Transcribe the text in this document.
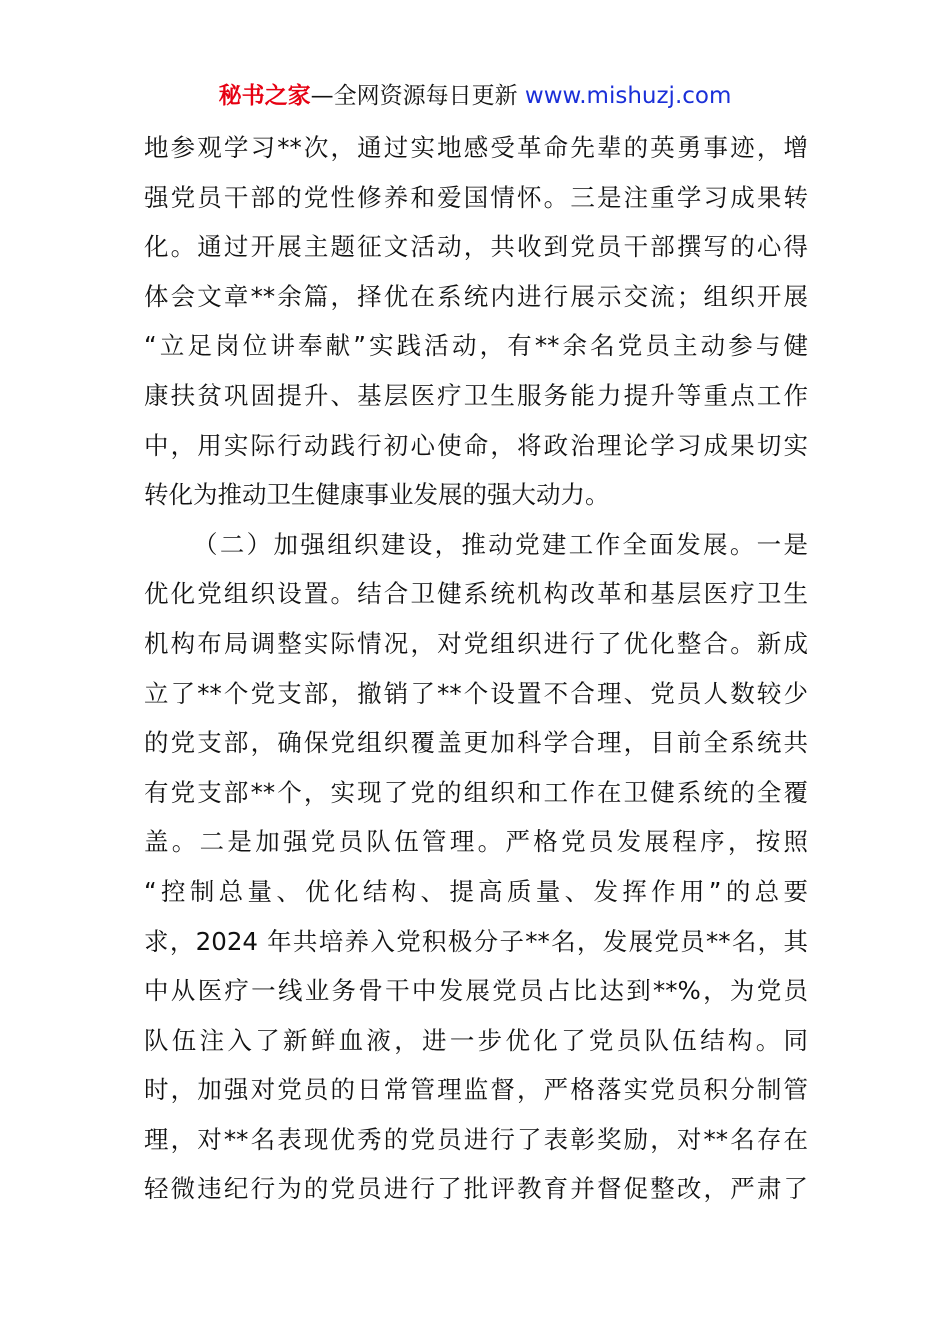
秘书之家—全网资源每日更新 www.mishuzj.com
地参观学习**次，通过实地感受革命先辈的英勇事迹，增
强党员干部的党性修养和爱国情怀。三是注重学习成果转
化。通过开展主题征文活动，共收到党员干部撰写的心得
体会文章**余篇，择优在系统内进行展示交流；组织开展
“立足岗位讲奉献”实践活动，有**余名党员主动参与健
康扶贫巩固提升、基层医疗卫生服务能力提升等重点工作
中，用实际行动践行初心使命，将政治理论学习成果切实
转化为推动卫生健康事业发展的强大动力。
（二）加强组织建设，推动党建工作全面发展。一是
优化党组织设置。结合卫健系统机构改革和基层医疗卫生
机构布局调整实际情况，对党组织进行了优化整合。新成
立了**个党支部，撤销了**个设置不合理、党员人数较少
的党支部，确保党组织覆盖更加科学合理，目前全系统共
有党支部**个，实现了党的组织和工作在卫健系统的全覆
盖。二是加强党员队伍管理。严格党员发展程序，按照
“控制总量、优化结构、提高质量、发挥作用”的总要
求，2024 年共培养入党积极分子**名，发展党员**名，其
中从医疗一线业务骨干中发展党员占比达到**%，为党员
队伍注入了新鲜血液，进一步优化了党员队伍结构。同
时，加强对党员的日常管理监督，严格落实党员积分制管
理，对**名表现优秀的党员进行了表彰奖励，对**名存在
轻微违纪行为的党员进行了批评教育并督促整改，严肃了
